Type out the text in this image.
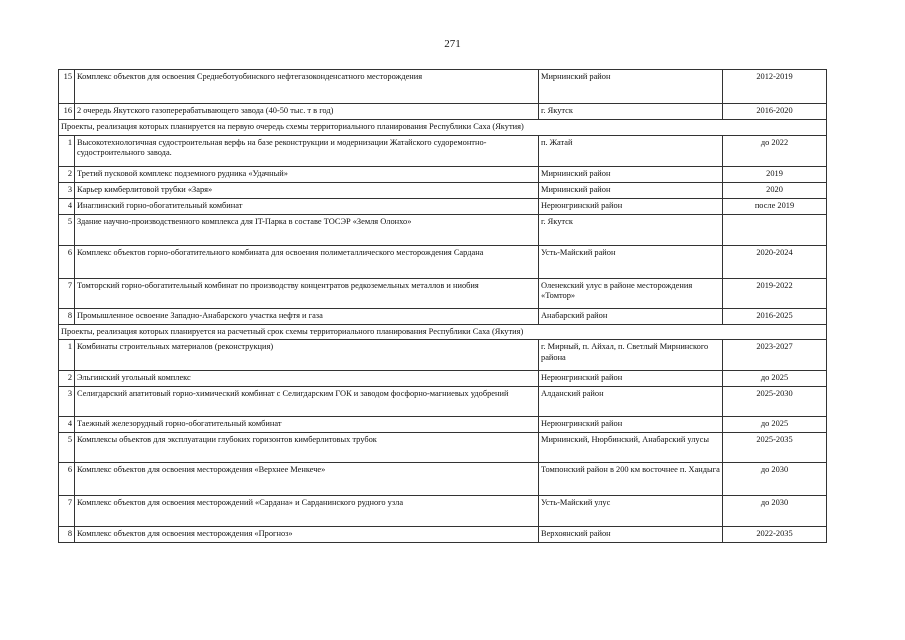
271
15	Комплекс объектов для освоения Среднеботуобинского нефтегазоконденсатного месторождения	Мирнинский район	2012-2019
16	2 очередь Якутского газоперерабатывающего завода (40-50 тыс. т в год)	г. Якутск	2016-2020
Проекты, реализация которых планируется на первую очередь схемы территориального планирования Республики Саха (Якутия)			
1	Высокотехнологичная судостроительная верфь на базе реконструкции и модернизации Жатайского судоремонтно-судостроительного завода.	п. Жатай	до 2022
2	Третий пусковой комплекс подземного рудника «Удачный»	Мирнинский район	2019
3	Карьер кимберлитовой трубки «Заря»	Мирнинский район	2020
4	Инаглинский горно-обогатительный комбинат	Нерюнгринский район	после 2019
5	Здание научно-производственного комплекса для IT-Парка в составе ТОСЭР «Земля Олонхо»	г. Якутск	
6	Комплекс объектов горно-обогатительного комбината для освоения полиметаллического месторождения Сардана	Усть-Майский район	2020-2024
7	Томторский горно-обогатительный комбинат по производству концентратов редкоземельных металлов и ниобия	Оленекский улус в районе месторождения «Томтор»	2019-2022
8	Промышленное освоение Западно-Анабарского участка нефтя и газа	Анабарский район	2016-2025
Проекты, реализация которых планируется на расчетный срок схемы территориального планирования Республики Саха (Якутия)			
1	Комбинаты строительных материалов (реконструкция)	г. Мирный, п. Айхал, п. Светлый Мирнинского района	2023-2027
2	Эльгинский угольный комплекс	Нерюнгринский район	до 2025
3	Селигдарский апатитовый горно-химический комбинат с Селигдарским ГОК и заводом фосфорно-магниевых удобрений	Алданский район	2025-2030
4	Таежный железорудный горно-обогатительный комбинат	Нерюнгринский район	до 2025
5	Комплексы объектов для эксплуатации глубоких горизонтов кимберлитовых трубок	Мирнинский, Нюрбинский, Анабарский улусы	2025-2035
6	Комплекс объектов для освоения месторождения «Верхнее Менкече»	Томпонский район в 200 км восточнее п. Хандыга	до 2030
7	Комплекс объектов для освоения месторождений «Сардана» и Сарданинского рудного узла	Усть-Майский улус	до 2030
8	Комплекс объектов для освоения месторождения «Прогноз»	Верхоянский район	2022-2035
